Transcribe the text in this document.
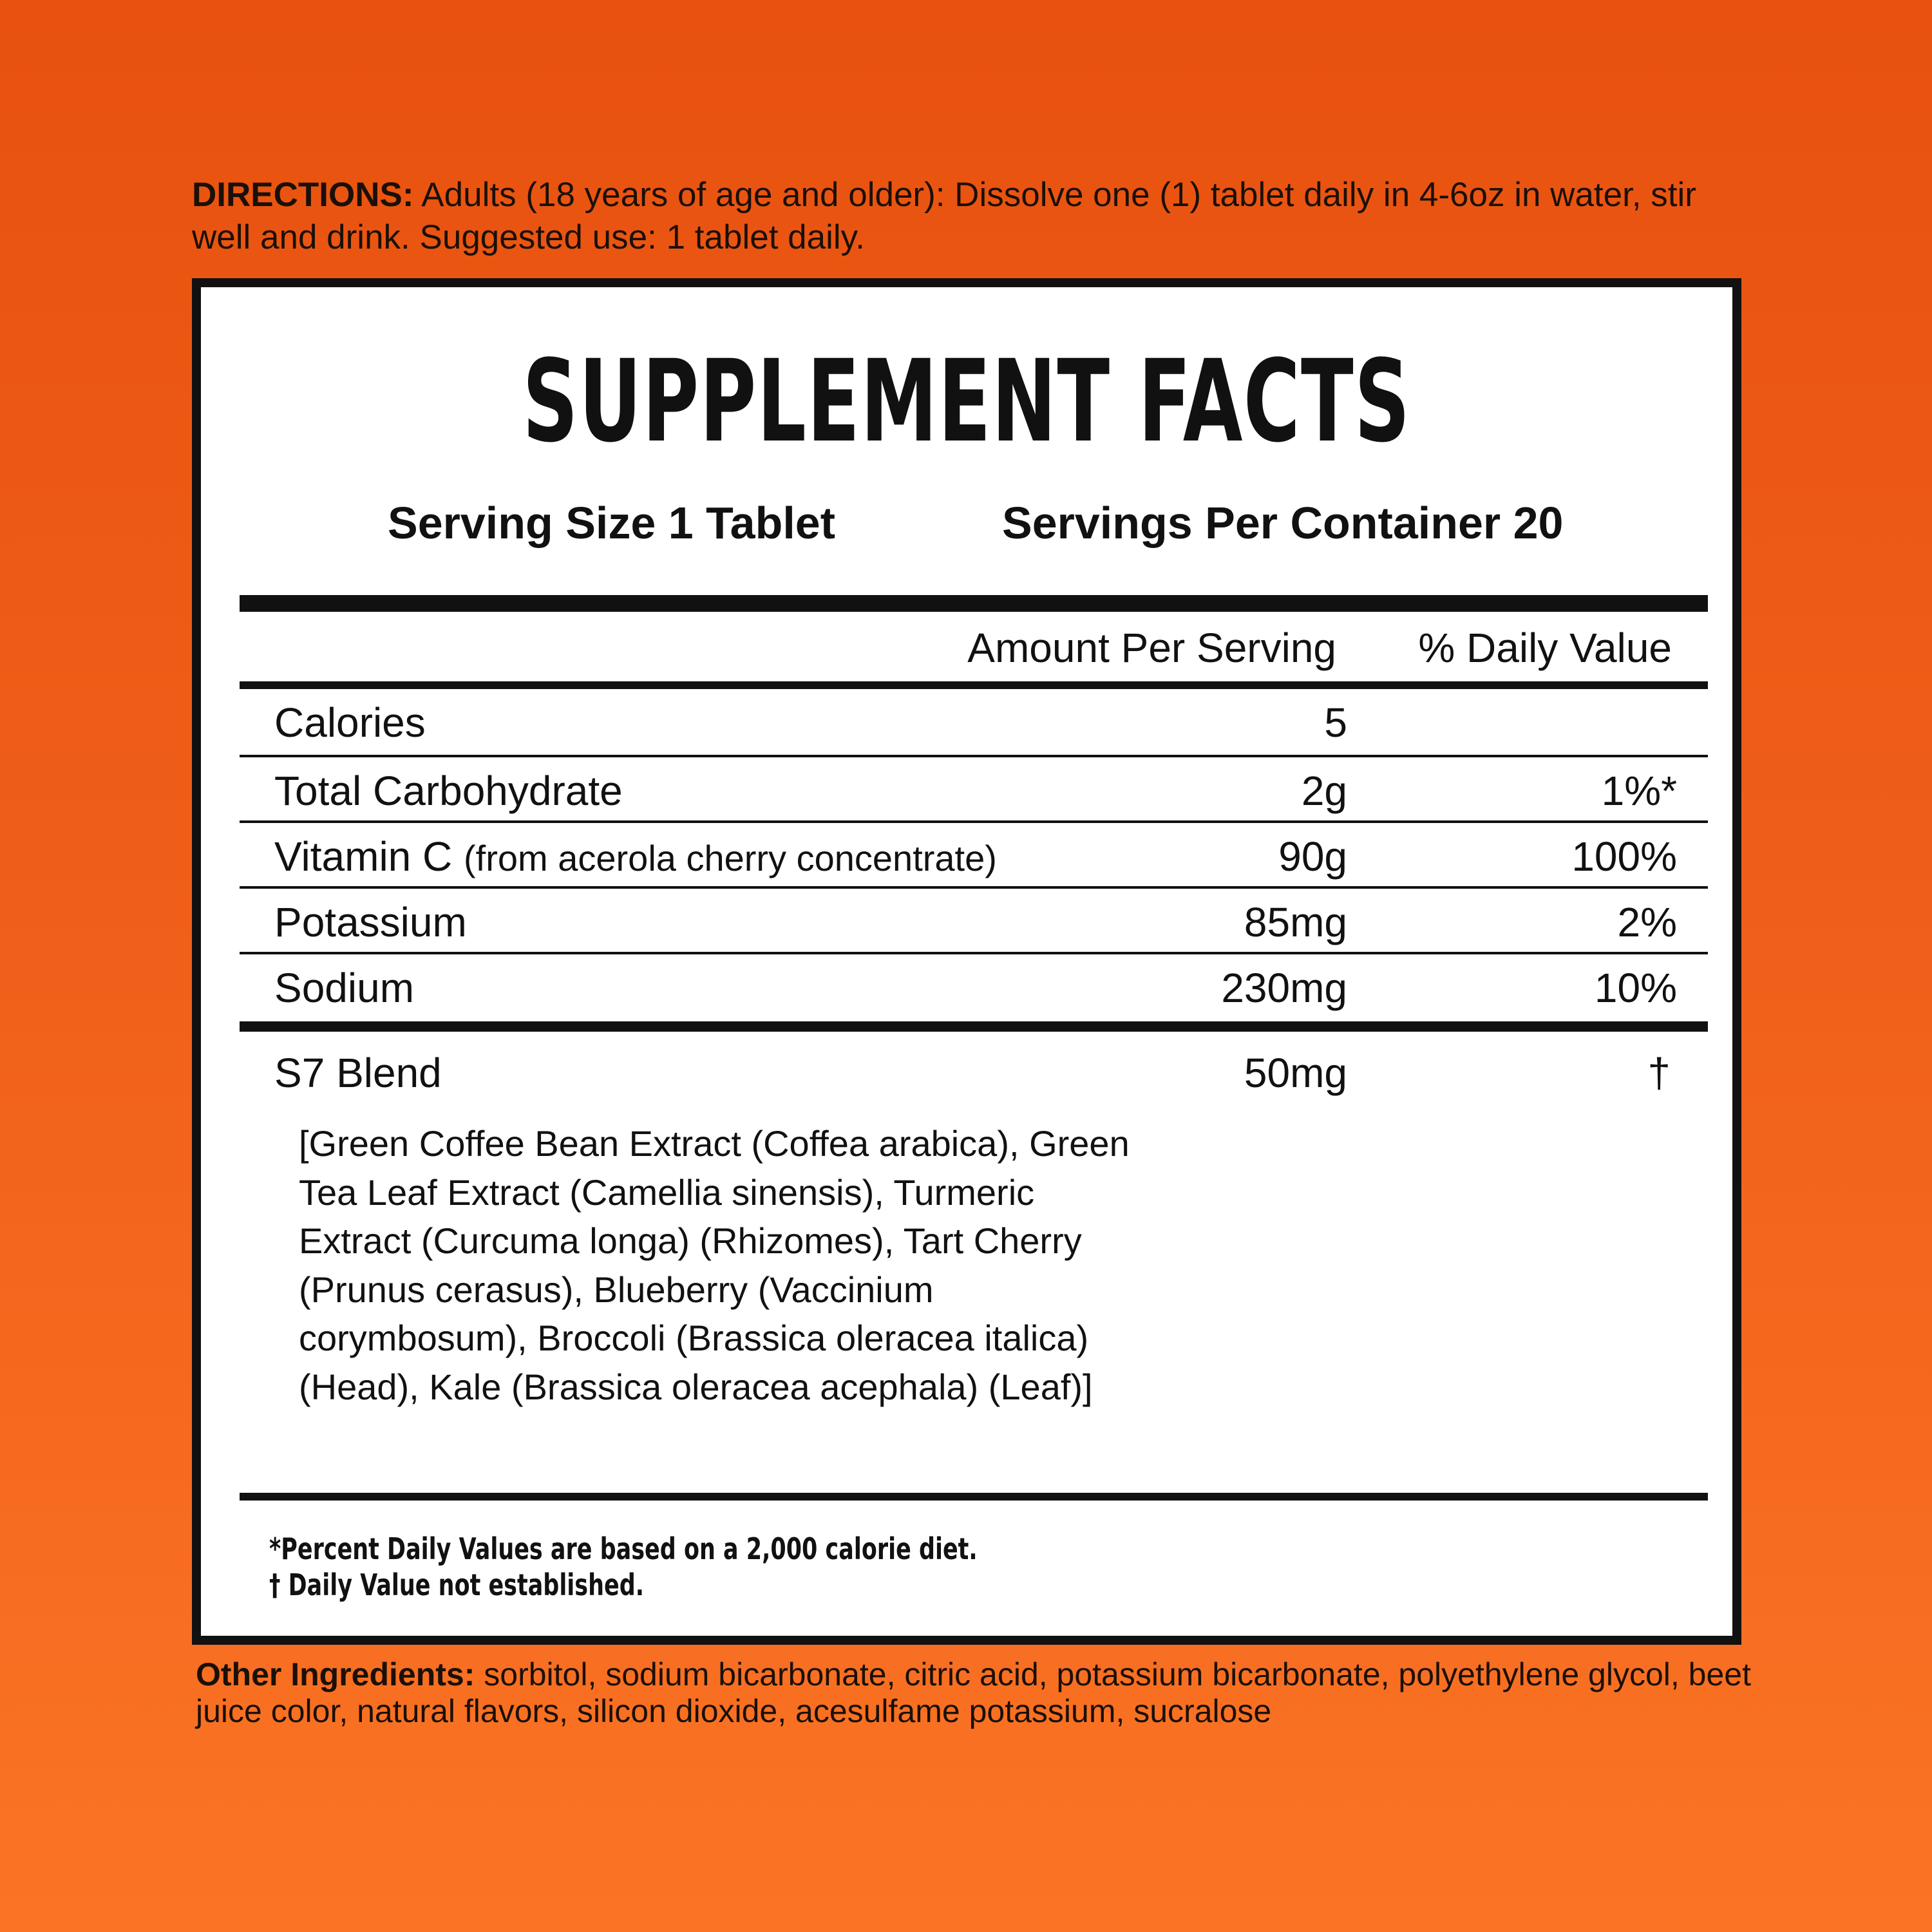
DIRECTIONS: Adults (18 years of age and older): Dissolve one (1) tablet daily in 4-6oz in water, stir well and drink. Suggested use: 1 tablet daily.
SUPPLEMENT FACTS
Serving Size 1 Tablet	Servings Per Container 20
Amount Per Serving % Daily Value
Calories	5
Total Carbohydrate	2g	1%*
Vitamin C (from acerola cherry concentrate)	90g	100%
Potassium	85mg	2%
Sodium	230mg	10%
S7 Blend	50mg	†
[Green Coffee Bean Extract (Coffea arabica), Green Tea Leaf Extract (Camellia sinensis), Turmeric Extract (Curcuma longa) (Rhizomes), Tart Cherry (Prunus cerasus), Blueberry (Vaccinium corymbosum), Broccoli (Brassica oleracea italica) (Head), Kale (Brassica oleracea acephala) (Leaf)]
*Percent Daily Values are based on a 2,000 calorie diet.
† Daily Value not established.
Other Ingredients: sorbitol, sodium bicarbonate, citric acid, potassium bicarbonate, polyethylene glycol, beet juice color, natural flavors, silicon dioxide, acesulfame potassium, sucralose
